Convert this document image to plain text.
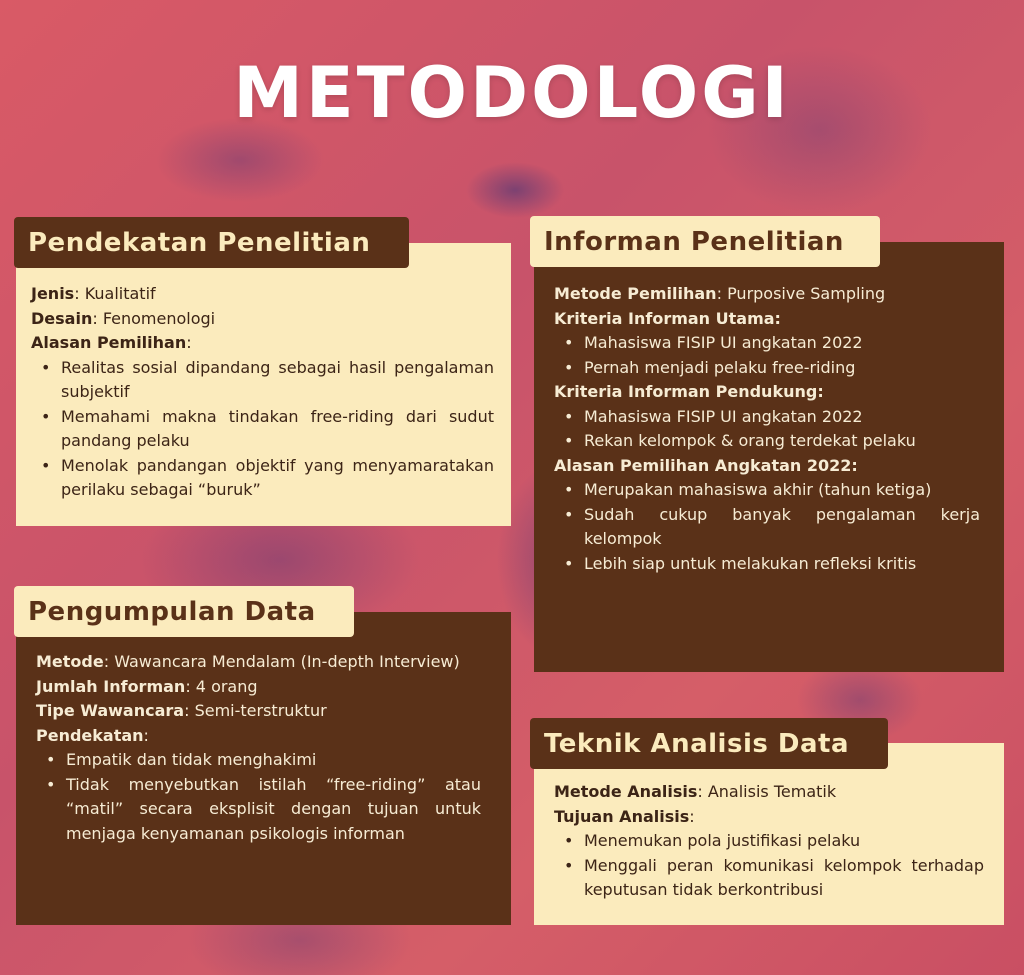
METODOLOGI

Jenis: Kualitatif

Desain: Fenomenologi

Alasan Pemilihan:

• Realitas sosial dipandang sebagai hasil pengalaman subjektif
• Memahami makna tindakan free-riding dari sudut pandang pelaku
• Menolak pandangan objektif yang menyamaratakan perilaku sebagai “buruk”
Pendekatan Penelitian

Metode Pemilihan: Purposive Sampling

Kriteria Informan Utama:

• Mahasiswa FISIP UI angkatan 2022
• Pernah menjadi pelaku free-riding

Kriteria Informan Pendukung:

• Mahasiswa FISIP UI angkatan 2022
• Rekan kelompok & orang terdekat pelaku

Alasan Pemilihan Angkatan 2022:

• Merupakan mahasiswa akhir (tahun ketiga)
• Sudah cukup banyak pengalaman kerja kelompok
• Lebih siap untuk melakukan refleksi kritis
Informan Penelitian

Metode: Wawancara Mendalam (In-depth Interview)

Jumlah Informan: 4 orang

Tipe Wawancara: Semi-terstruktur

Pendekatan:

• Empatik dan tidak menghakimi
• Tidak menyebutkan istilah “free-riding” atau “matil” secara eksplisit dengan tujuan untuk menjaga kenyamanan psikologis informan
Pengumpulan Data

Metode Analisis: Analisis Tematik

Tujuan Analisis:

• Menemukan pola justifikasi pelaku
• Menggali peran komunikasi kelompok terhadap keputusan tidak berkontribusi
Teknik Analisis Data
